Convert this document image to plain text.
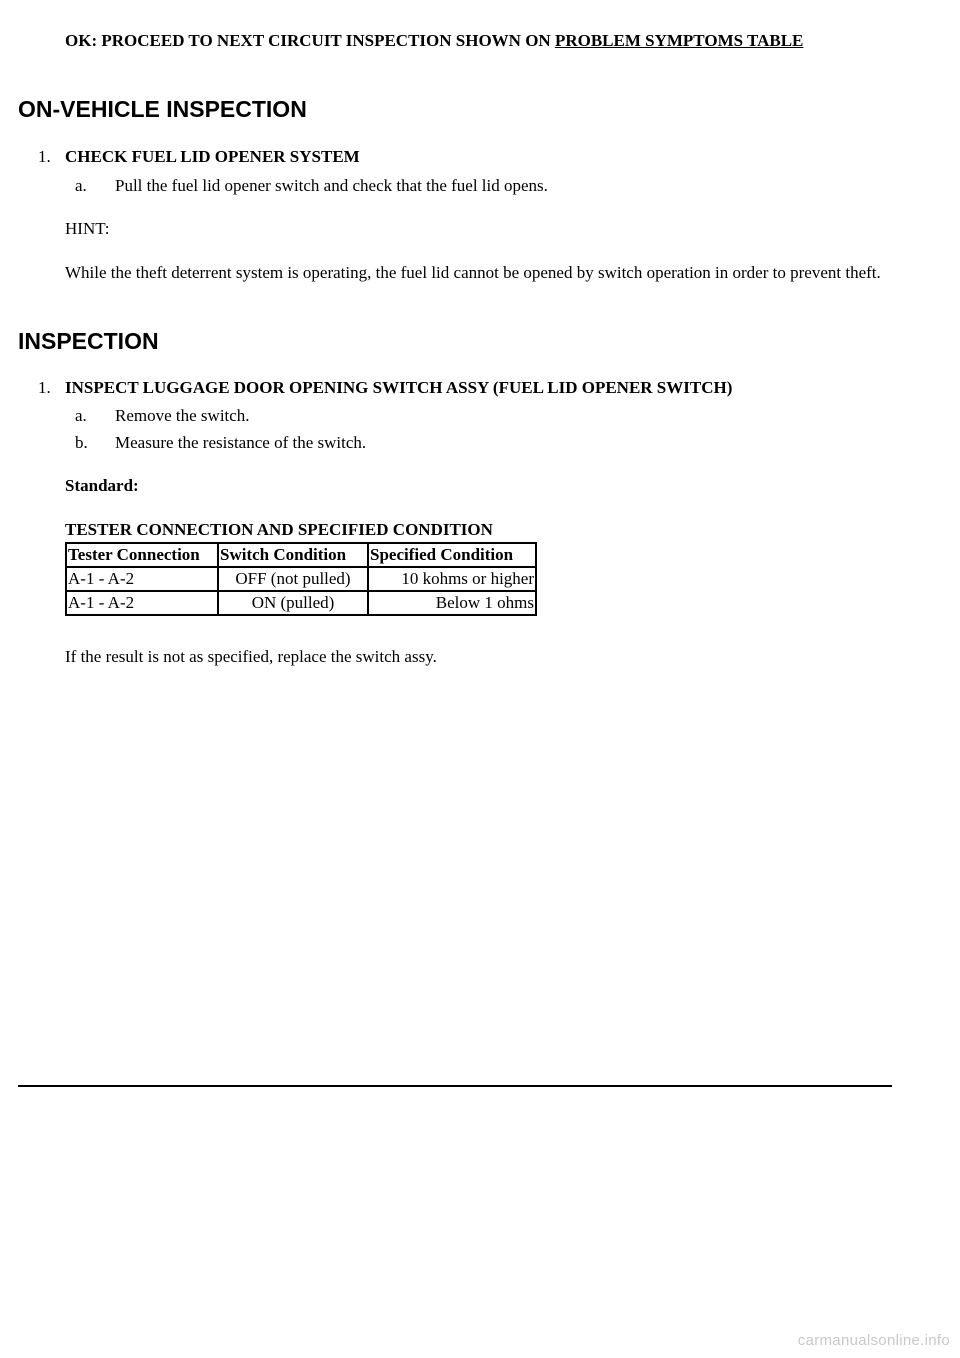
OK: PROCEED TO NEXT CIRCUIT INSPECTION SHOWN ON PROBLEM SYMPTOMS TABLE
ON-VEHICLE INSPECTION
1. CHECK FUEL LID OPENER SYSTEM
a. Pull the fuel lid opener switch and check that the fuel lid opens.
HINT:
While the theft deterrent system is operating, the fuel lid cannot be opened by switch operation in order to prevent theft.
INSPECTION
1. INSPECT LUGGAGE DOOR OPENING SWITCH ASSY (FUEL LID OPENER SWITCH)
a. Remove the switch.
b. Measure the resistance of the switch.
Standard:
TESTER CONNECTION AND SPECIFIED CONDITION
Tester Connection	Switch Condition	Specified Condition
A-1 - A-2	OFF (not pulled)	10 kohms or higher
A-1 - A-2	ON (pulled)	Below 1 ohms
If the result is not as specified, replace the switch assy.
carmanualsonline.info
